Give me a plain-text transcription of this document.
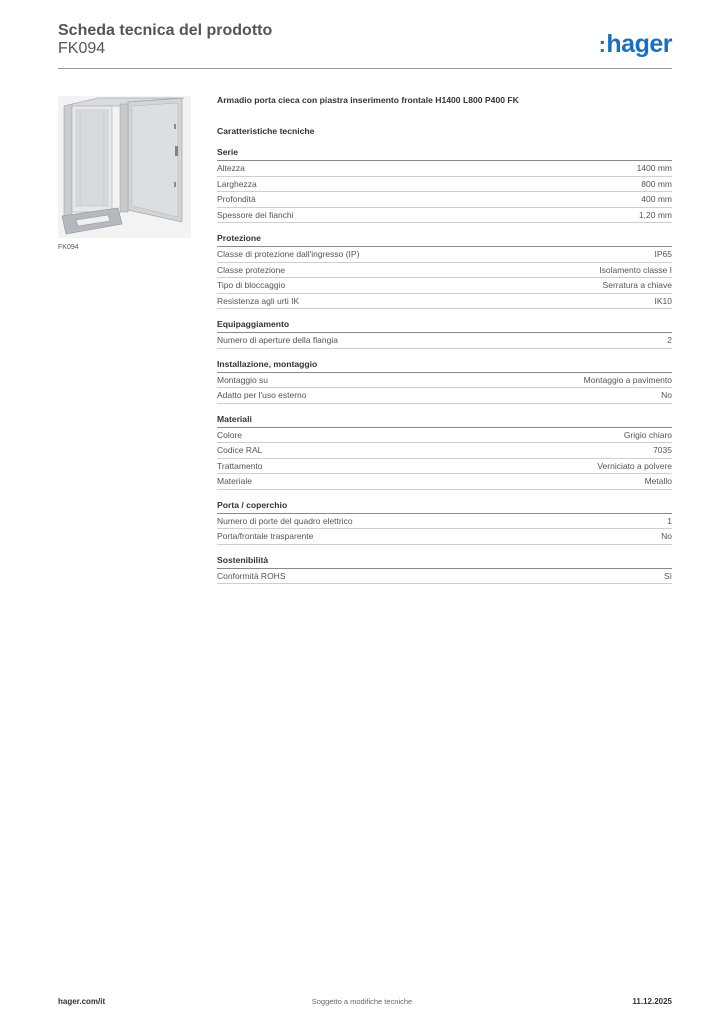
Scheda tecnica del prodotto
FK094	:hager
FK094
Armadio porta cieca con piastra inserimento frontale H1400 L800 P400 FK
Caratteristiche tecniche
Serie
Altezza	1400 mm
Larghezza	800 mm
Profondità	400 mm
Spessore dei fianchi	1,20 mm
Protezione
Classe di protezione dall'ingresso (IP)	IP65
Classe protezione	Isolamento classe I
Tipo di bloccaggio	Serratura a chiave
Resistenza agli urti IK	IK10
Equipaggiamento
Numero di aperture della flangia	2
Installazione, montaggio
Montaggio su	Montaggio a pavimento
Adatto per l'uso esterno	No
Materiali
Colore	Grigio chiaro
Codice RAL	7035
Trattamento	Verniciato a polvere
Materiale	Metallo
Porta / coperchio
Numero di porte del quadro elettrico	1
Porta/frontale trasparente	No
Sostenibilità
Conformità ROHS	Sì
hager.com/it	Soggetto a modifiche tecniche	11.12.2025
